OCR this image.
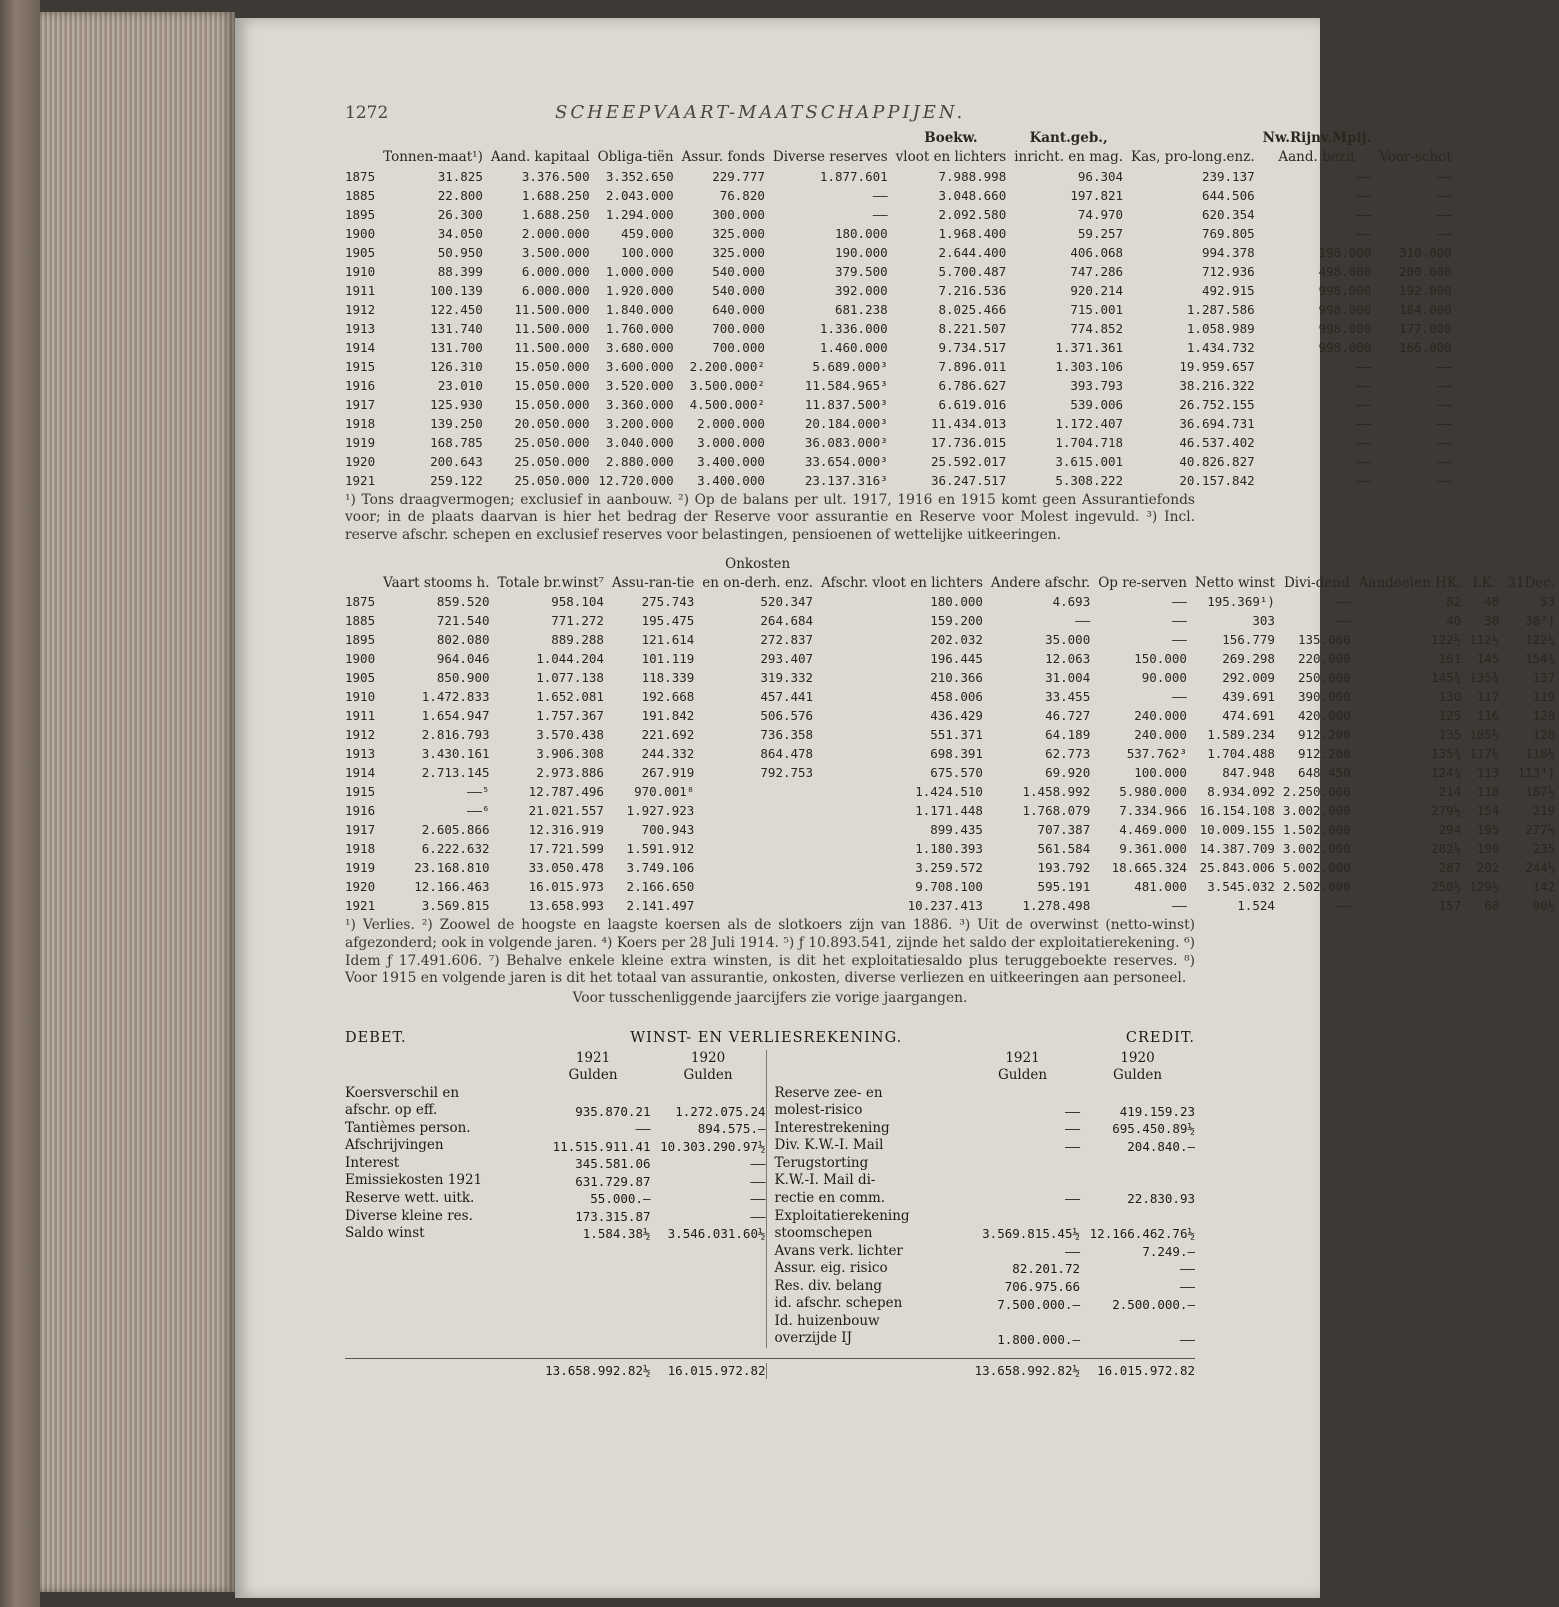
1272	SCHEEPVAART-MAATSCHAPPIJEN.
						Boekw.	Kant.geb.,		Nw.Rijnv.Mpij.	
	Tonnen-maat¹)	Aand. kapitaal	Obliga-tiën	Assur. fonds	Diverse reserves	vloot en lichters	inricht. en mag.	Kas, pro-long.enz.	Aand. bezit	Voor-schot
1875	31.825	3.376.500	3.352.650	229.777	1.877.601	7.988.998	96.304	239.137	——	——
1885	22.800	1.688.250	2.043.000	76.820	——	3.048.660	197.821	644.506	——	——
1895	26.300	1.688.250	1.294.000	300.000	——	2.092.580	74.970	620.354	——	——
1900	34.050	2.000.000	459.000	325.000	180.000	1.968.400	59.257	769.805	——	——
1905	50.950	3.500.000	100.000	325.000	190.000	2.644.400	406.068	994.378	198.000	310.000
1910	88.399	6.000.000	1.000.000	540.000	379.500	5.700.487	747.286	712.936	498.000	200.000
1911	100.139	6.000.000	1.920.000	540.000	392.000	7.216.536	920.214	492.915	998.000	192.000
1912	122.450	11.500.000	1.840.000	640.000	681.238	8.025.466	715.001	1.287.586	998.000	184.000
1913	131.740	11.500.000	1.760.000	700.000	1.336.000	8.221.507	774.852	1.058.989	998.000	177.000
1914	131.700	11.500.000	3.680.000	700.000	1.460.000	9.734.517	1.371.361	1.434.732	998.000	166.000
1915	126.310	15.050.000	3.600.000	2.200.000²	5.689.000³	7.896.011	1.303.106	19.959.657	——	——
1916	23.010	15.050.000	3.520.000	3.500.000²	11.584.965³	6.786.627	393.793	38.216.322	——	——
1917	125.930	15.050.000	3.360.000	4.500.000²	11.837.500³	6.619.016	539.006	26.752.155	——	——
1918	139.250	20.050.000	3.200.000	2.000.000	20.184.000³	11.434.013	1.172.407	36.694.731	——	——
1919	168.785	25.050.000	3.040.000	3.000.000	36.083.000³	17.736.015	1.704.718	46.537.402	——	——
1920	200.643	25.050.000	2.880.000	3.400.000	33.654.000³	25.592.017	3.615.001	40.826.827	——	——
1921	259.122	25.050.000	12.720.000	3.400.000	23.137.316³	36.247.517	5.308.222	20.157.842	——	——

¹) Tons draagvermogen; exclusief in aanbouw. ²) Op de balans per ult. 1917, 1916 en 1915 komt geen Assurantiefonds voor; in de plaats daarvan is hier het bedrag der Reserve voor assurantie en Reserve voor Molest ingevuld. ³) Incl. reserve afschr. schepen en exclusief reserves voor belastingen, pensioenen of wettelijke uitkeeringen.

				Onkosten								
	Vaart stooms h.	Totale br.winst⁷	Assu-ran-tie	en on-derh. enz.	Afschr. vloot en lichters	Andere afschr.	Op re-serven	Netto winst	Divi-dend	Aandeelen HK.	LK.	31Dec.
1875	859.520	958.104	275.743	520.347	180.000	4.693	——	195.369¹)	——	82	48	53
1885	721.540	771.272	195.475	264.684	159.200	——	——	303	——	40	30	30²)
1895	802.080	889.288	121.614	272.837	202.032	35.000	——	156.779	135.060	122½	112½	122¼
1900	964.046	1.044.204	101.119	293.407	196.445	12.063	150.000	269.298	220.000	161	145	154¾
1905	850.900	1.077.138	118.339	319.332	210.366	31.004	90.000	292.009	250.000	145¾	135¾	137
1910	1.472.833	1.652.081	192.668	457.441	458.006	33.455	——	439.691	390.000	130	117	119
1911	1.654.947	1.757.367	191.842	506.576	436.429	46.727	240.000	474.691	420.000	125	116	120
1912	2.816.793	3.570.438	221.692	736.358	551.371	64.189	240.000	1.589.234	912.200	135	105½	128
1913	3.430.161	3.906.308	244.332	864.478	698.391	62.773	537.762³	1.704.488	912.200	135¾	117¼	118¼
1914	2.713.145	2.973.886	267.919	792.753	675.570	69.920	100.000	847.948	648.450	124¾	113	113⁴)
1915	——⁵	12.787.496	970.001⁸		1.424.510	1.458.992	5.980.000	8.934.092	2.250.000	214	118	187½
1916	——⁶	21.021.557	1.927.923		1.171.448	1.768.079	7.334.966	16.154.108	3.002.000	279½	154	219
1917	2.605.866	12.316.919	700.943		899.435	707.387	4.469.000	10.009.155	1.502.000	294	195	277½
1918	6.222.632	17.721.599	1.591.912		1.180.393	561.584	9.361.000	14.387.709	3.002.000	282½	190	235
1919	23.168.810	33.050.478	3.749.106		3.259.572	193.792	18.665.324	25.843.006	5.002.000	287	202	244½
1920	12.166.463	16.015.973	2.166.650		9.708.100	595.191	481.000	3.545.032	2.502.000	250½	129½	142
1921	3.569.815	13.658.993	2.141.497		10.237.413	1.278.498	——	1.524	——	157	68	90½

¹) Verlies. ²) Zoowel de hoogste en laagste koersen als de slotkoers zijn van 1886. ³) Uit de overwinst (netto-winst) afgezonderd; ook in volgende jaren. ⁴) Koers per 28 Juli 1914. ⁵) ƒ 10.893.541, zijnde het saldo der exploitatierekening. ⁶) Idem ƒ 17.491.606. ⁷) Behalve enkele kleine extra winsten, is dit het exploitatiesaldo plus teruggeboekte reserves. ⁸) Voor 1915 en volgende jaren is dit het totaal van assurantie, onkosten, diverse verliezen en uitkeeringen aan personeel.

Voor tusschenliggende jaarcijfers zie vorige jaargangen.

DEBET.	WINST- EN VERLIESREKENING.	CREDIT.
1921
Gulden
1920
Gulden
Koersverschil en
afschr. op eff.	935.870.21	1.272.075.24
Tantièmes person.	——	894.575.—
Afschrijvingen	11.515.911.41 10.303.290.97½
Interest	345.581.06	——
Emissiekosten 1921	631.729.87	——
Reserve wett. uitk.	55.000.—	——
Diverse kleine res.	173.315.87	——
Saldo winst	1.584.38½	3.546.031.60½
1921
Gulden
1920
Gulden
Reserve zee- en
molest-risico	——	419.159.23
Interestrekening	——	695.450.89½
Div. K.W.-I. Mail	——	204.840.—
Terugstorting
K.W.-I. Mail di-
rectie en comm.	——	22.830.93
Exploitatierekening
stoomschepen	3.569.815.45½ 12.166.462.76½
Avans verk. lichter	——	7.249.—
Assur. eig. risico	82.201.72	——
Res. div. belang	706.975.66	——
id. afschr. schepen	7.500.000.—	2.500.000.—
Id. huizenbouw
overzijde IJ	1.800.000.—	——
13.658.992.82½	16.015.972.82	13.658.992.82½	16.015.972.82
